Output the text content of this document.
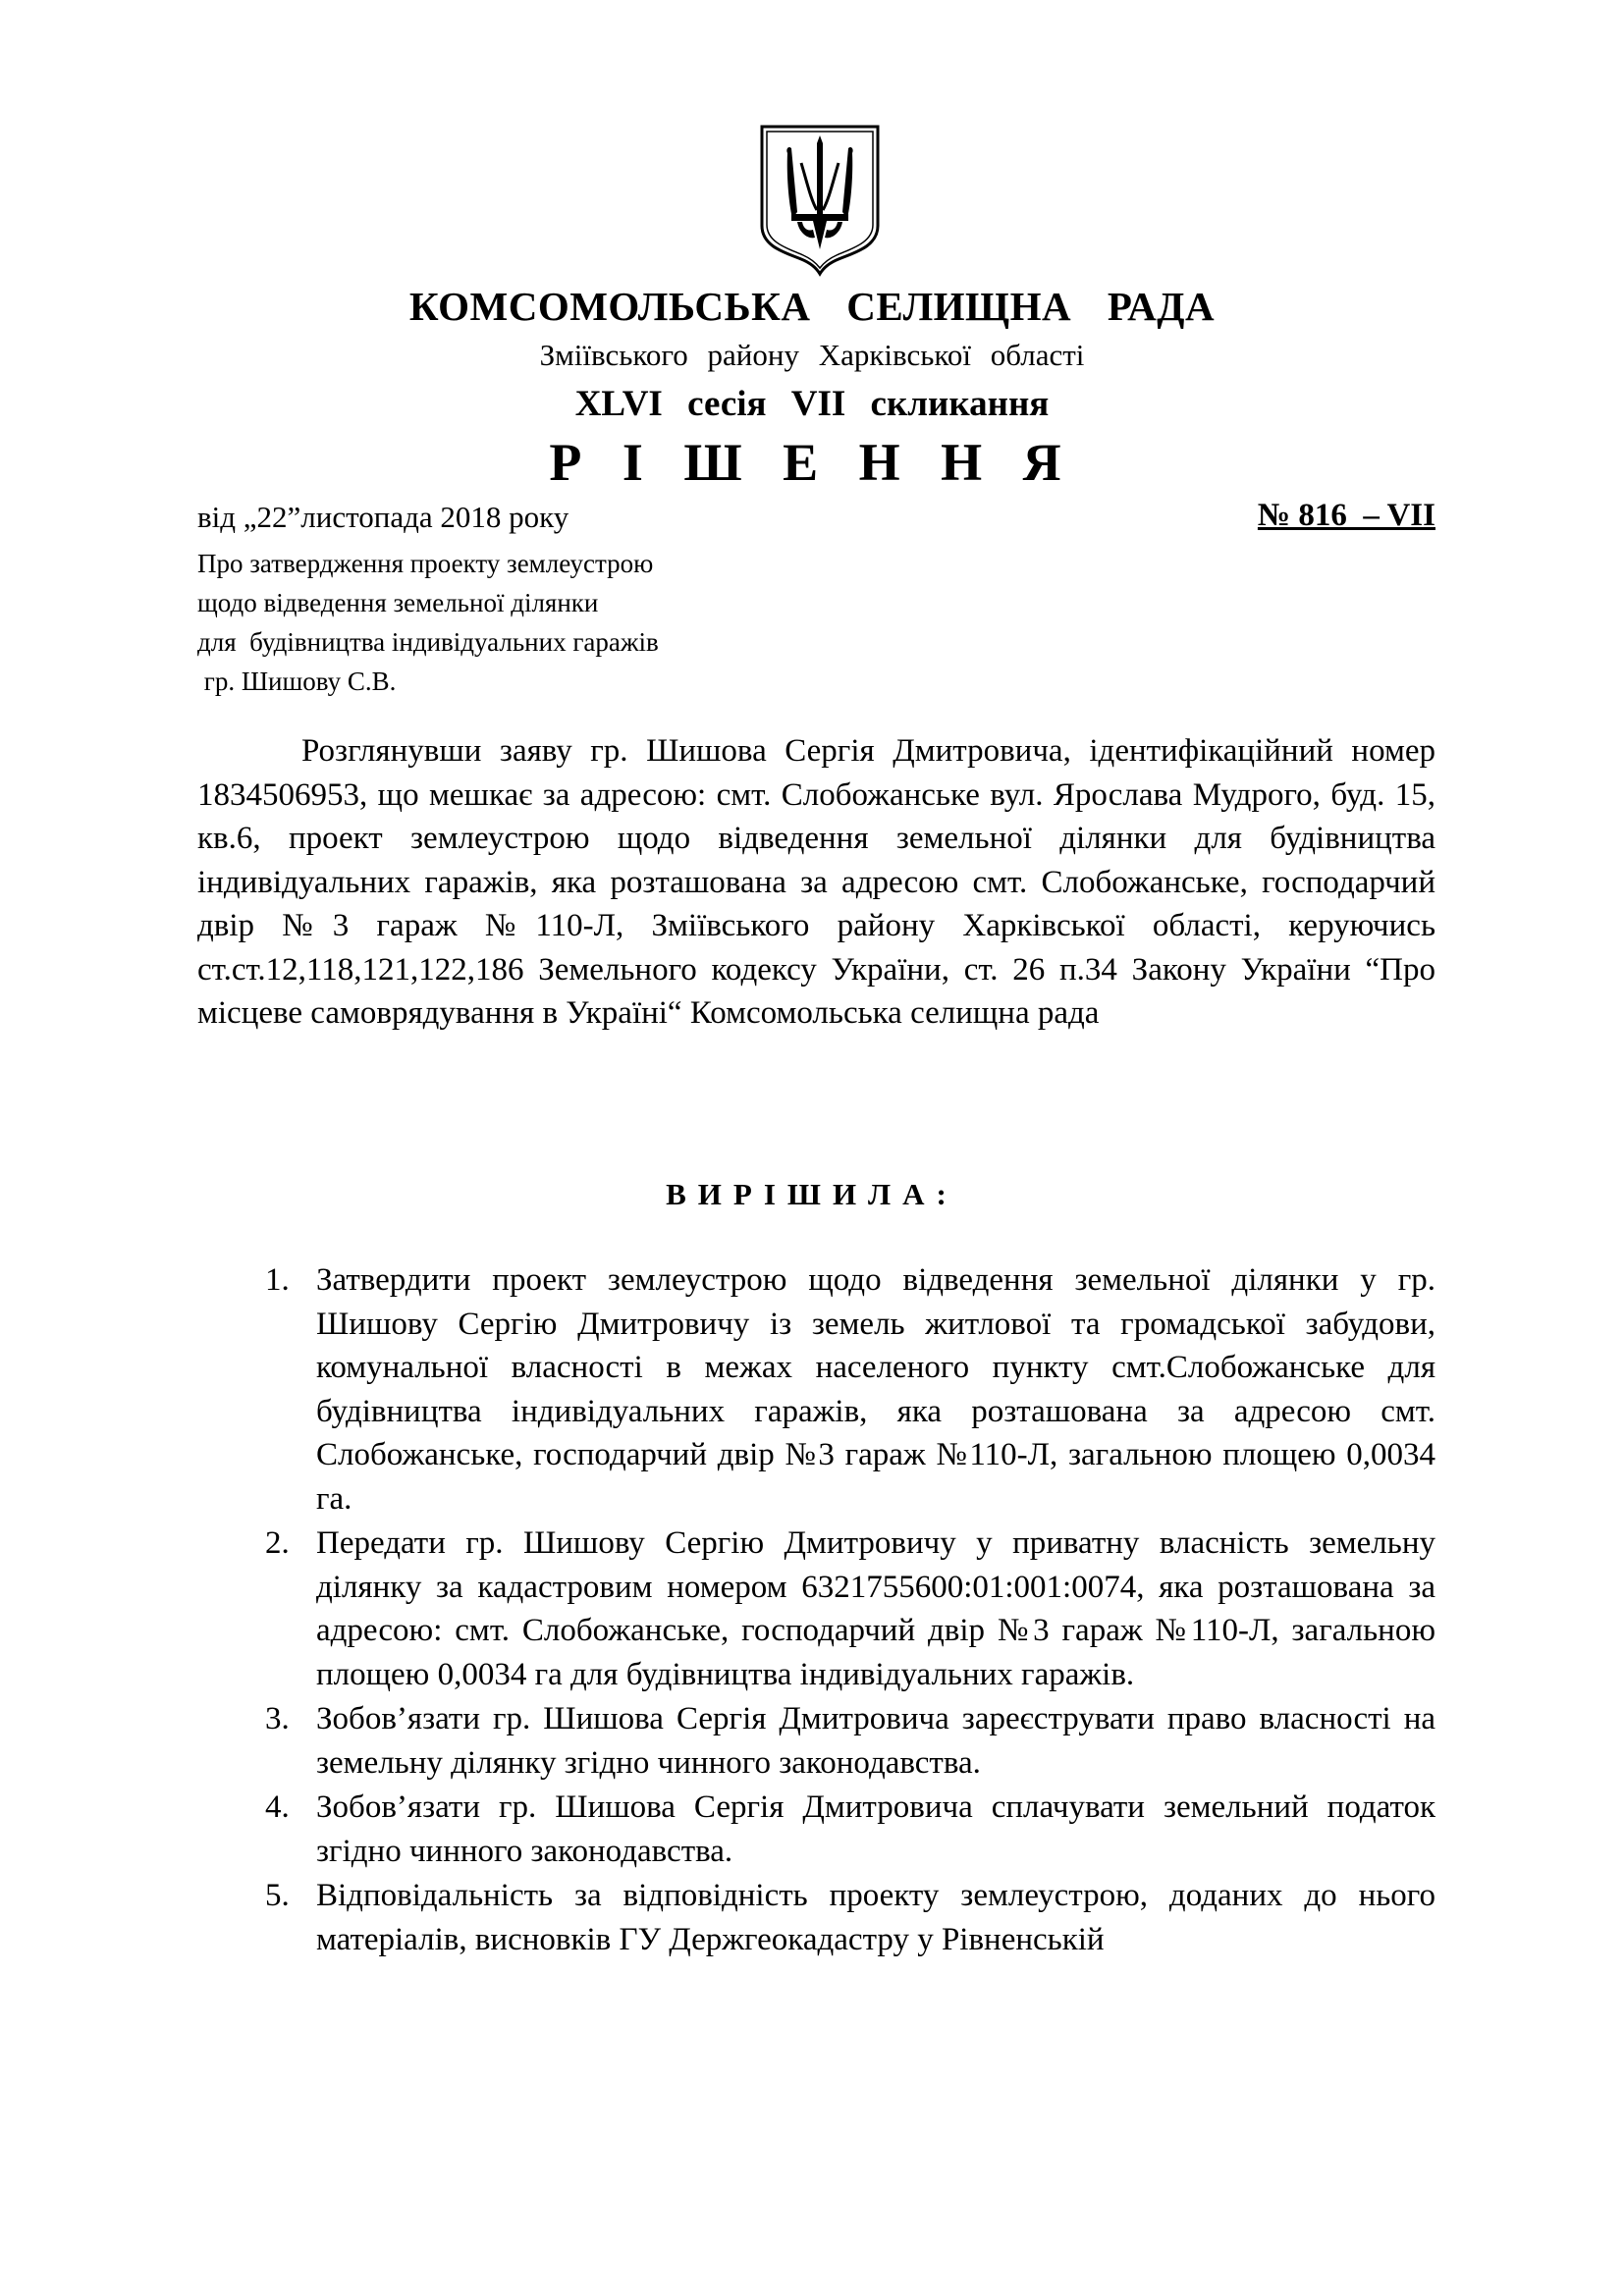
КОМСОМОЛЬСЬКА СЕЛИЩНА РАДА
Зміївського району Харківської області
XLVI сесія VII скликання
Р І Ш Е Н Н Я
від „22”листопада 2018 року	№ 816  – VII

Про затвердження проекту землеустрою

щодо відведення земельної ділянки

для  будівництва індивідуальних гаражів

гр. Шишову С.В.

Розглянувши заяву гр. Шишова Сергія Дмитровича, ідентифікаційний номер 1834506953, що мешкає за адресою: смт. Слобожанське вул. Ярослава Мудрого, буд. 15, кв.6, проект землеустрою щодо відведення земельної ділянки для будівництва індивідуальних гаражів, яка розташована за адресою смт. Слобожанське, господарчий двір №3 гараж №110-Л, Зміївського району Харківської області, керуючись ст.ст.12,118,121,122,186 Земельного кодексу України, ст. 26 п.34 Закону України “Про місцеве самоврядування в Україні“ Комсомольська селищна рада

ВИРІШИЛА:
1. Затвердити проект землеустрою щодо відведення земельної ділянки у гр. Шишову Сергію Дмитровичу із земель житлової та громадської забудови, комунальної власності в межах населеного пункту смт.Слобожанське для будівництва індивідуальних гаражів, яка розташована за адресою смт. Слобожанське, господарчий двір №3 гараж №110-Л, загальною площею 0,0034 га.
2. Передати гр. Шишову Сергію Дмитровичу у приватну власність земельну ділянку за кадастровим номером 6321755600:01:001:0074, яка розташована за адресою: смт. Слобожанське, господарчий двір №3 гараж №110-Л, загальною площею 0,0034 га для будівництва індивідуальних гаражів.
3. Зобов’язати гр. Шишова Сергія Дмитровича зареєструвати право власності на земельну ділянку згідно чинного законодавства.
4. Зобов’язати гр. Шишова Сергія Дмитровича сплачувати земельний податок згідно чинного законодавства.
5. Відповідальність за відповідність проекту землеустрою, доданих до нього матеріалів, висновків ГУ Держгеокадастру у Рівненській
